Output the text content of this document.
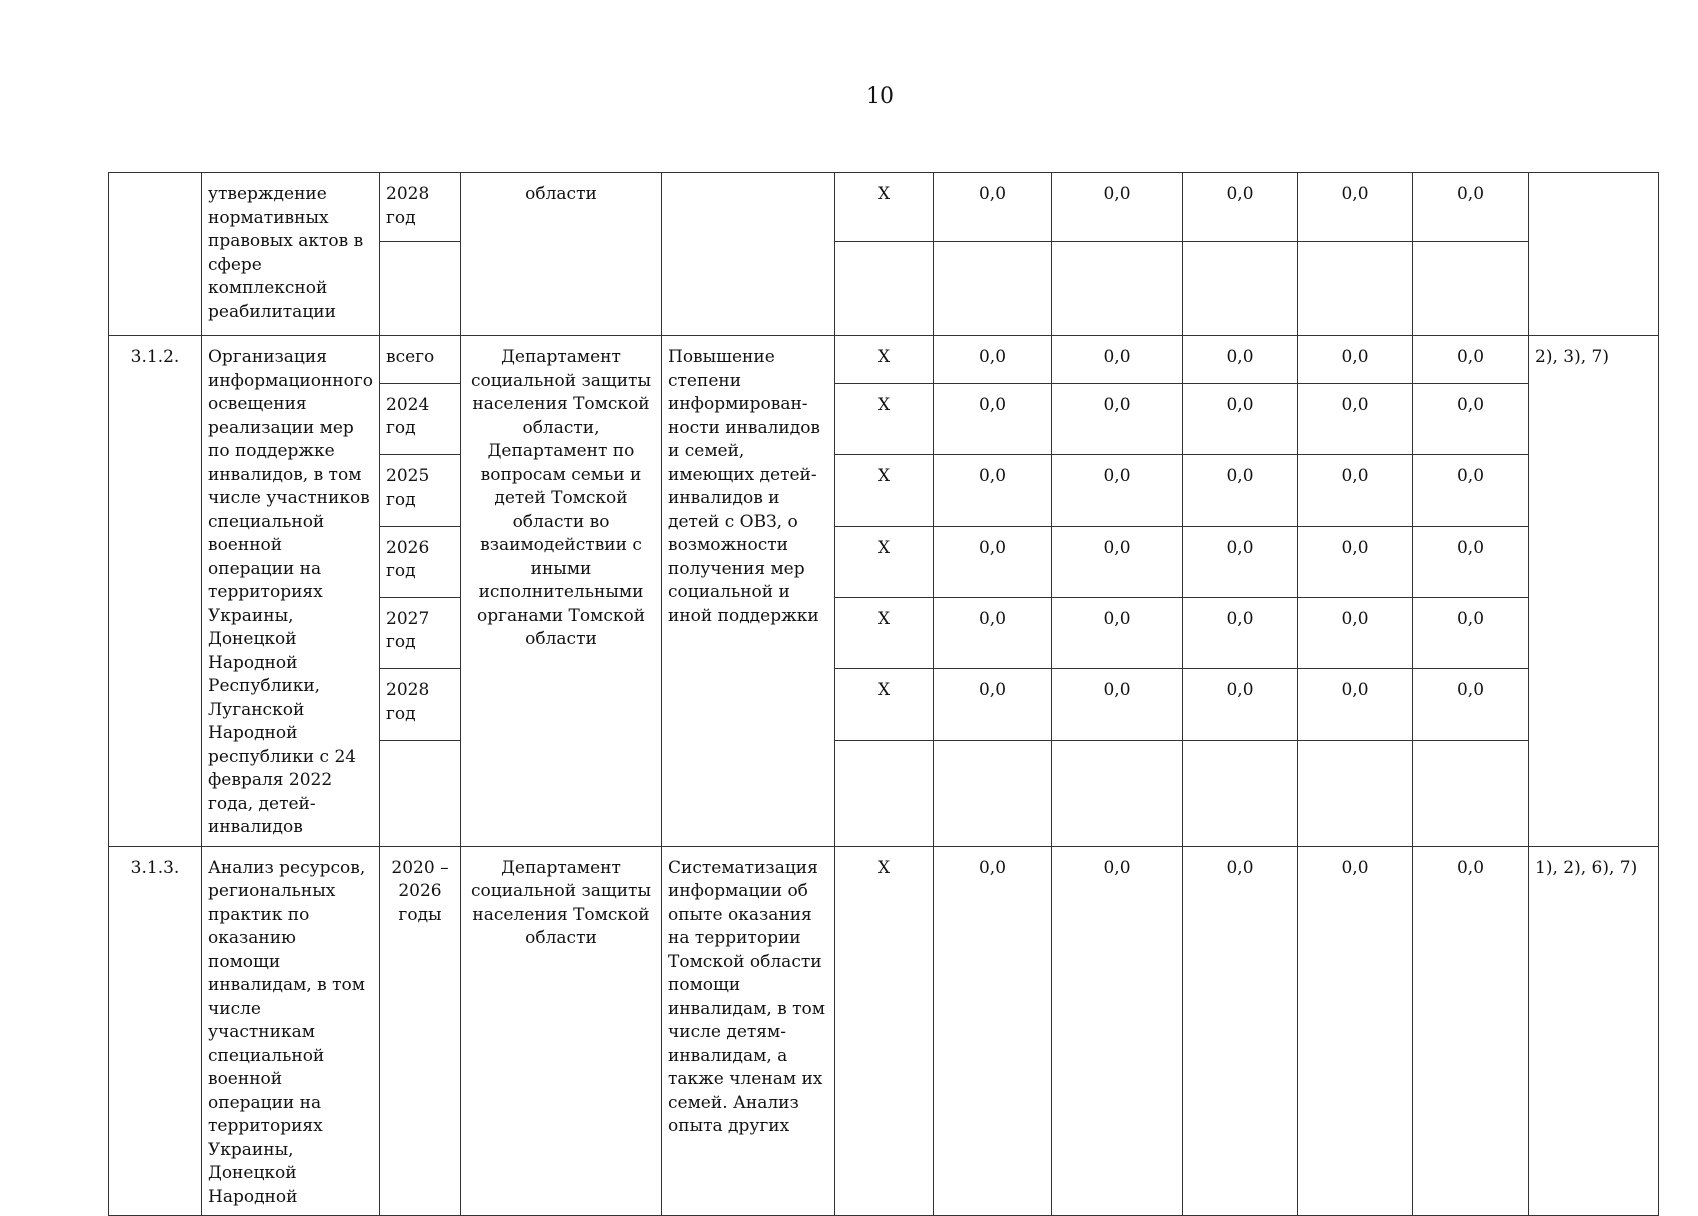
10
	утверждение нормативных правовых актов в сфере комплексной реабилитации	2028 год	области		X	0,0	0,0	0,0	0,0	0,0	

3.1.2.	Организация информационного освещения реализации мер по поддержке инвалидов, в том числе участников специальной военной операции на территориях Украины, Донецкой Народной Республики, Луганской Народной республики с 24 февраля 2022 года, детей-инвалидов	всего	Департамент социальной защиты населения Томской области, Департамент по вопросам семьи и детей Томской области во взаимодействии с иными исполнительными органами Томской области	Повышение степени информирован-ности инвалидов и семей, имеющих детей-инвалидов и детей с ОВЗ, о возможности получения мер социальной и иной поддержки	X	0,0	0,0	0,0	0,0	0,0	2), 3), 7)
		2024 год			X	0,0	0,0	0,0	0,0	0,0	
		2025 год			X	0,0	0,0	0,0	0,0	0,0	
		2026 год			X	0,0	0,0	0,0	0,0	0,0	
		2027 год			X	0,0	0,0	0,0	0,0	0,0	
		2028 год			X	0,0	0,0	0,0	0,0	0,0	

3.1.3.	Анализ ресурсов, региональных практик по оказанию помощи инвалидам, в том числе участникам специальной военной операции на территориях Украины, Донецкой Народной	2020 – 2026 годы	Департамент социальной защиты населения Томской области	Систематизация информации об опыте оказания на территории Томской области помощи инвалидам, в том числе детям-инвалидам, а также членам их семей. Анализ опыта других	X	0,0	0,0	0,0	0,0	0,0	1), 2), 6), 7)
